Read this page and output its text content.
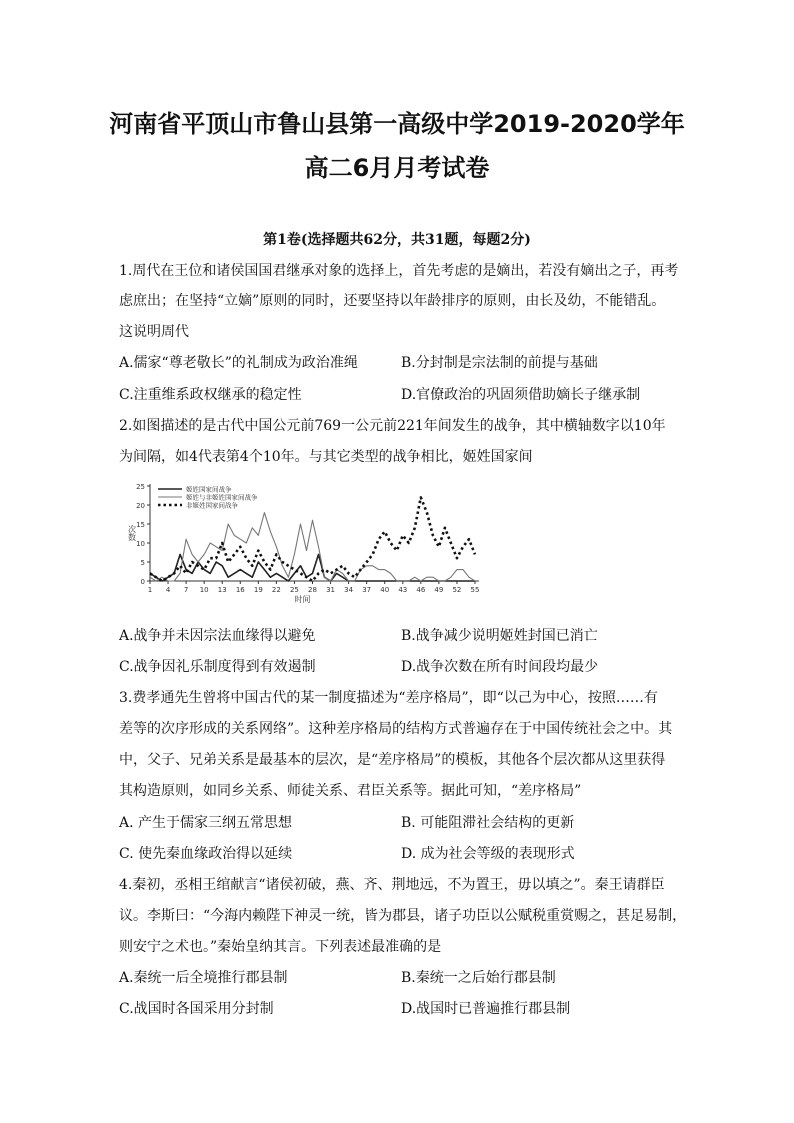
河南省平顶山市鲁山县第一高级中学2019-2020学年
高二6月月考试卷
第1卷(选择题共62分，共31题，每题2分)
1.周代在王位和诸侯国国君继承对象的选择上，首先考虑的是嫡出，若没有嫡出之子，再考
虑庶出；在坚持“立嫡”原则的同时，还要坚持以年龄排序的原则，由长及幼，不能错乱。
这说明周代
A.儒家“尊老敬长”的礼制成为政治准绳	B.分封制是宗法制的前提与基础
C.注重维系政权继承的稳定性	D.官僚政治的巩固须借助嫡长子继承制
2.如图描述的是古代中国公元前769一公元前221年间发生的战争，其中横轴数字以10年
为间隔，如4代表第4个10年。与其它类型的战争相比，姬姓国家间
0
5
10
15
20
25
1 4 7 10 13 16 19 22 25 28 31 34 37 40 43 46 49 52 55
次数
时间
姬姓国家间战争
姬姓与非姬姓国家间战争
非姬姓国家间战争
A.战争并未因宗法血缘得以避免	B.战争减少说明姬姓封国已消亡
C.战争因礼乐制度得到有效遏制	D.战争次数在所有时间段均最少
3.费孝通先生曾将中国古代的某一制度描述为“差序格局”，即“以己为中心，按照……有
差等的次序形成的关系网络”。这种差序格局的结构方式普遍存在于中国传统社会之中。其
中，父子、兄弟关系是最基本的层次，是“差序格局”的模板，其他各个层次都从这里获得
其构造原则，如同乡关系、师徒关系、君臣关系等。据此可知，“差序格局”
A. 产生于儒家三纲五常思想	B. 可能阻滞社会结构的更新
C. 使先秦血缘政治得以延续	D. 成为社会等级的表现形式
4.秦初，丞相王绾献言“诸侯初破，燕、齐、荆地远，不为置王，毋以填之”。秦王请群臣
议。李斯曰：“今海内赖陛下神灵一统，皆为郡县，诸子功臣以公赋税重赏赐之，甚足易制，
则安宁之术也。”秦始皇纳其言。下列表述最准确的是
A.秦统一后全境推行郡县制	B.秦统一之后始行郡县制
C.战国时各国采用分封制	D.战国时已普遍推行郡县制
